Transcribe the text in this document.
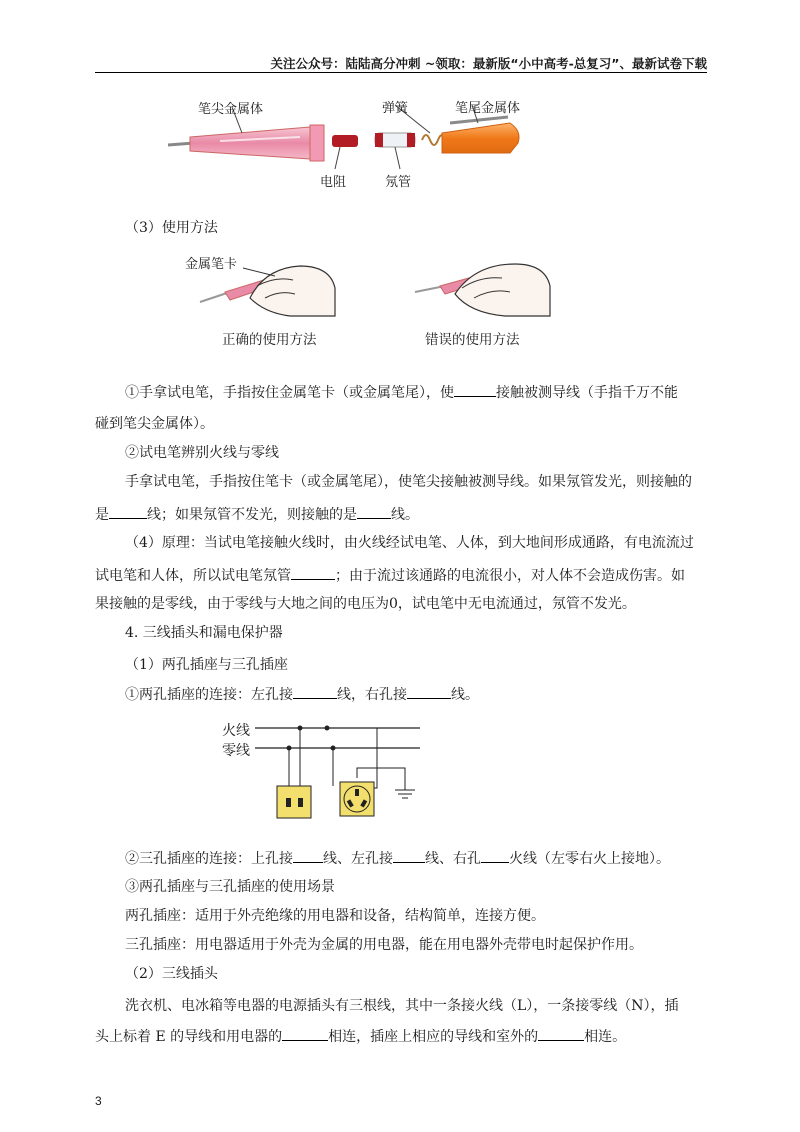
关注公众号：陆陆高分冲刺 ~领取：最新版“小中高考-总复习”、最新试卷下载
笔尖金属体	弹簧	笔尾金属体
电阻	氖管
（3）使用方法
金属笔卡
正确的使用方法	错误的使用方法
①手拿试电笔，手指按住金属笔卡（或金属笔尾），使	接触被测导线（手指千万不能
碰到笔尖金属体）。
②试电笔辨别火线与零线
手拿试电笔，手指按住笔卡（或金属笔尾），使笔尖接触被测导线。如果氖管发光，则接触的
是	线；如果氖管不发光，则接触的是 线。
（4）原理：当试电笔接触火线时，由火线经试电笔、人体，到大地间形成通路，有电流流过
试电笔和人体，所以试电笔氖管	；由于流过该通路的电流很小，对人体不会造成伤害。如
果接触的是零线，由于零线与大地之间的电压为0，试电笔中无电流通过，氖管不发光。
4. 三线插头和漏电保护器
（1）两孔插座与三孔插座
①两孔插座的连接：左孔接	线，右孔接	线。
火线
零线
②三孔插座的连接：上孔接 线、左孔接 线、右孔 火线（左零右火上接地）。
③两孔插座与三孔插座的使用场景
两孔插座：适用于外壳绝缘的用电器和设备，结构简单，连接方便。
三孔插座：用电器适用于外壳为金属的用电器，能在用电器外壳带电时起保护作用。
（2）三线插头
洗衣机、电冰箱等电器的电源插头有三根线，其中一条接火线（L），一条接零线（N），插
头上标着 E 的导线和用电器的	相连，插座上相应的导线和室外的	相连。
3
